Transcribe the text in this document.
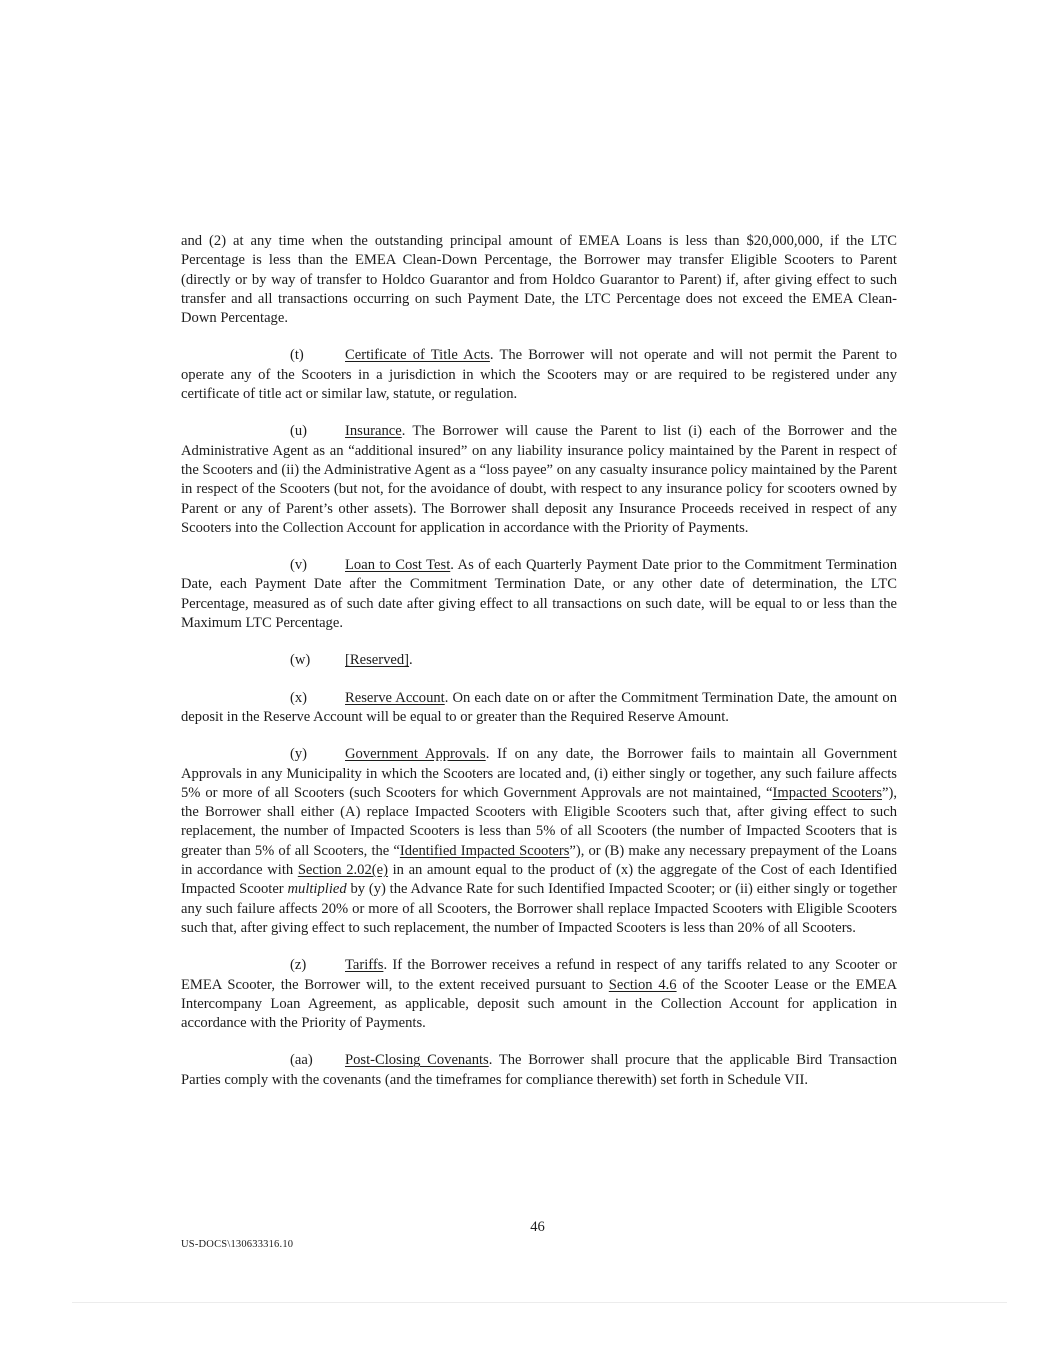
and (2) at any time when the outstanding principal amount of EMEA Loans is less than $20,000,000, if the LTC Percentage is less than the EMEA Clean-Down Percentage, the Borrower may transfer Eligible Scooters to Parent (directly or by way of transfer to Holdco Guarantor and from Holdco Guarantor to Parent) if, after giving effect to such transfer and all transactions occurring on such Payment Date, the LTC Percentage does not exceed the EMEA Clean-Down Percentage.

(t)	Certificate of Title Acts. The Borrower will not operate and will not permit the Parent to operate any of the Scooters in a jurisdiction in which the Scooters may or are required to be registered under any certificate of title act or similar law, statute, or regulation.

(u)	Insurance. The Borrower will cause the Parent to list (i) each of the Borrower and the Administrative Agent as an “additional insured” on any liability insurance policy maintained by the Parent in respect of the Scooters and (ii) the Administrative Agent as a “loss payee” on any casualty insurance policy maintained by the Parent in respect of the Scooters (but not, for the avoidance of doubt, with respect to any insurance policy for scooters owned by Parent or any of Parent’s other assets). The Borrower shall deposit any Insurance Proceeds received in respect of any Scooters into the Collection Account for application in accordance with the Priority of Payments.

(v)	Loan to Cost Test. As of each Quarterly Payment Date prior to the Commitment Termination Date, each Payment Date after the Commitment Termination Date, or any other date of determination, the LTC Percentage, measured as of such date after giving effect to all transactions on such date, will be equal to or less than the Maximum LTC Percentage.

(w) [Reserved].

(x)	Reserve Account. On each date on or after the Commitment Termination Date, the amount on deposit in the Reserve Account will be equal to or greater than the Required Reserve Amount.

(y)	Government Approvals. If on any date, the Borrower fails to maintain all Government Approvals in any Municipality in which the Scooters are located and, (i) either singly or together, any such failure affects 5% or more of all Scooters (such Scooters for which Government Approvals are not maintained, “Impacted Scooters”), the Borrower shall either (A) replace Impacted Scooters with Eligible Scooters such that, after giving effect to such replacement, the number of Impacted Scooters is less than 5% of all Scooters (the number of Impacted Scooters that is greater than 5% of all Scooters, the “Identified Impacted Scooters”), or (B) make any necessary prepayment of the Loans in accordance with Section 2.02(e) in an amount equal to the product of (x) the aggregate of the Cost of each Identified Impacted Scooter multiplied by (y) the Advance Rate for such Identified Impacted Scooter; or (ii) either singly or together any such failure affects 20% or more of all Scooters, the Borrower shall replace Impacted Scooters with Eligible Scooters such that, after giving effect to such replacement, the number of Impacted Scooters is less than 20% of all Scooters.

(z)	Tariffs. If the Borrower receives a refund in respect of any tariffs related to any Scooter or EMEA Scooter, the Borrower will, to the extent received pursuant to Section 4.6 of the Scooter Lease or the EMEA Intercompany Loan Agreement, as applicable, deposit such amount in the Collection Account for application in accordance with the Priority of Payments.

(aa) Post-Closing Covenants. The Borrower shall procure that the applicable Bird Transaction Parties comply with the covenants (and the timeframes for compliance therewith) set forth in Schedule VII.

46
US-DOCS\130633316.10
